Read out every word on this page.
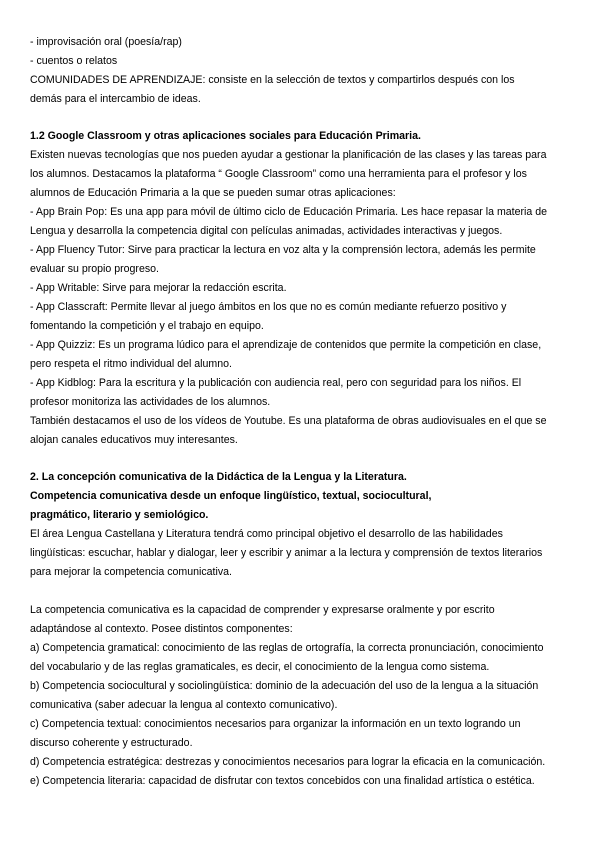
- improvisación oral (poesía/rap)
- cuentos o relatos
COMUNIDADES DE APRENDIZAJE: consiste en la selección de textos y compartirlos después con los
demás para el intercambio de ideas.
1.2 Google Classroom y otras aplicaciones sociales para Educación Primaria.
Existen nuevas tecnologías que nos pueden ayudar a gestionar la planificación de las clases y las tareas para
los alumnos. Destacamos la plataforma “ Google Classroom” como una herramienta para el profesor y los
alumnos de Educación Primaria a la que se pueden sumar otras aplicaciones:
- App Brain Pop: Es una app para móvil de último ciclo de Educación Primaria. Les hace repasar la materia de
Lengua y desarrolla la competencia digital con películas animadas, actividades interactivas y juegos.
- App Fluency Tutor: Sirve para practicar la lectura en voz alta y la comprensión lectora, además les permite
evaluar su propio progreso.
- App Writable: Sirve para mejorar la redacción escrita.
- App Classcraft: Permite llevar al juego ámbitos en los que no es común mediante refuerzo positivo y
fomentando la competición y el trabajo en equipo.
- App Quizziz: Es un programa lúdico para el aprendizaje de contenidos que permite la competición en clase,
pero respeta el ritmo individual del alumno.
- App Kidblog: Para la escritura y la publicación con audiencia real, pero con seguridad para los niños. El
profesor monitoriza las actividades de los alumnos.
También destacamos el uso de los vídeos de Youtube. Es una plataforma de obras audiovisuales en el que se
alojan canales educativos muy interesantes.
2. La concepción comunicativa de la Didáctica de la Lengua y la Literatura.
Competencia comunicativa desde un enfoque lingüístico, textual, sociocultural,
pragmático, literario y semiológico.
El área Lengua Castellana y Literatura tendrá como principal objetivo el desarrollo de las habilidades
lingüísticas: escuchar, hablar y dialogar, leer y escribir y animar a la lectura y comprensión de textos literarios
para mejorar la competencia comunicativa.
La competencia comunicativa es la capacidad de comprender y expresarse oralmente y por escrito
adaptándose al contexto. Posee distintos componentes:
a) Competencia gramatical: conocimiento de las reglas de ortografía, la correcta pronunciación, conocimiento
del vocabulario y de las reglas gramaticales, es decir, el conocimiento de la lengua como sistema.
b) Competencia sociocultural y sociolingüística: dominio de la adecuación del uso de la lengua a la situación
comunicativa (saber adecuar la lengua al contexto comunicativo).
c) Competencia textual: conocimientos necesarios para organizar la información en un texto logrando un
discurso coherente y estructurado.
d) Competencia estratégica: destrezas y conocimientos necesarios para lograr la eficacia en la comunicación.
e) Competencia literaria: capacidad de disfrutar con textos concebidos con una finalidad artística o estética.
